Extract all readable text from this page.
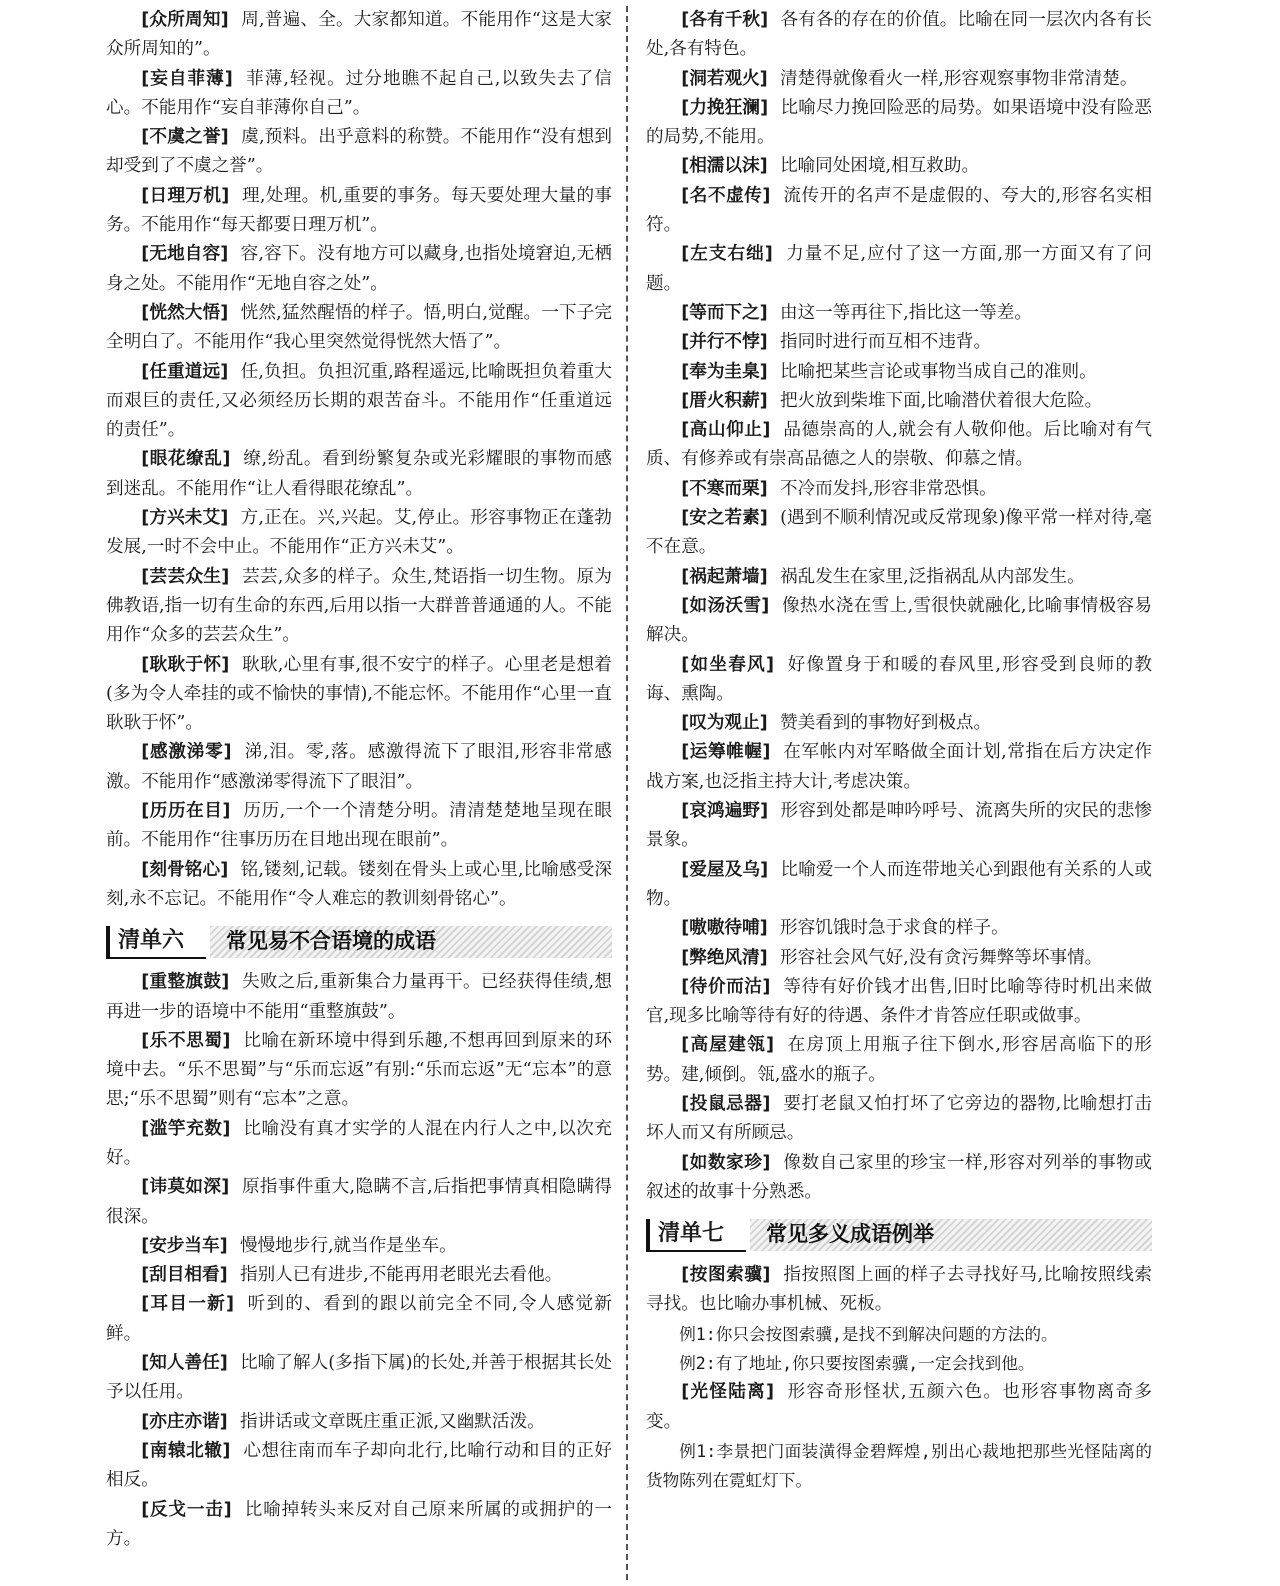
[众所周知] 周,普遍、全。大家都知道。不能用作“这是大家众所周知的”。

[妄自菲薄] 菲薄,轻视。过分地瞧不起自己,以致失去了信心。不能用作“妄自菲薄你自己”。

[不虞之誉] 虞,预料。出乎意料的称赞。不能用作“没有想到却受到了不虞之誉”。

[日理万机] 理,处理。机,重要的事务。每天要处理大量的事务。不能用作“每天都要日理万机”。

[无地自容] 容,容下。没有地方可以藏身,也指处境窘迫,无栖身之处。不能用作“无地自容之处”。

[恍然大悟] 恍然,猛然醒悟的样子。悟,明白,觉醒。一下子完全明白了。不能用作“我心里突然觉得恍然大悟了”。

[任重道远] 任,负担。负担沉重,路程遥远,比喻既担负着重大而艰巨的责任,又必须经历长期的艰苦奋斗。不能用作“任重道远的责任”。

[眼花缭乱] 缭,纷乱。看到纷繁复杂或光彩耀眼的事物而感到迷乱。不能用作“让人看得眼花缭乱”。

[方兴未艾] 方,正在。兴,兴起。艾,停止。形容事物正在蓬勃发展,一时不会中止。不能用作“正方兴未艾”。

[芸芸众生] 芸芸,众多的样子。众生,梵语指一切生物。原为佛教语,指一切有生命的东西,后用以指一大群普普通通的人。不能用作“众多的芸芸众生”。

[耿耿于怀] 耿耿,心里有事,很不安宁的样子。心里老是想着(多为令人牵挂的或不愉快的事情),不能忘怀。不能用作“心里一直耿耿于怀”。

[感激涕零] 涕,泪。零,落。感激得流下了眼泪,形容非常感激。不能用作“感激涕零得流下了眼泪”。

[历历在目] 历历,一个一个清楚分明。清清楚楚地呈现在眼前。不能用作“往事历历在目地出现在眼前”。

[刻骨铭心] 铭,镂刻,记载。镂刻在骨头上或心里,比喻感受深刻,永不忘记。不能用作“令人难忘的教训刻骨铭心”。

清单六 常见易不合语境的成语

[重整旗鼓] 失败之后,重新集合力量再干。已经获得佳绩,想再进一步的语境中不能用“重整旗鼓”。

[乐不思蜀] 比喻在新环境中得到乐趣,不想再回到原来的环境中去。“乐不思蜀”与“乐而忘返”有别:“乐而忘返”无“忘本”的意思;“乐不思蜀”则有“忘本”之意。

[滥竽充数] 比喻没有真才实学的人混在内行人之中,以次充好。

[讳莫如深] 原指事件重大,隐瞒不言,后指把事情真相隐瞒得很深。

[安步当车] 慢慢地步行,就当作是坐车。

[刮目相看] 指别人已有进步,不能再用老眼光去看他。

[耳目一新] 听到的、看到的跟以前完全不同,令人感觉新鲜。

[知人善任] 比喻了解人(多指下属)的长处,并善于根据其长处予以任用。

[亦庄亦谐] 指讲话或文章既庄重正派,又幽默活泼。

[南辕北辙] 心想往南而车子却向北行,比喻行动和目的正好相反。

[反戈一击] 比喻掉转头来反对自己原来所属的或拥护的一方。

[各有千秋] 各有各的存在的价值。比喻在同一层次内各有长处,各有特色。

[洞若观火] 清楚得就像看火一样,形容观察事物非常清楚。

[力挽狂澜] 比喻尽力挽回险恶的局势。如果语境中没有险恶的局势,不能用。

[相濡以沫] 比喻同处困境,相互救助。

[名不虚传] 流传开的名声不是虚假的、夸大的,形容名实相符。

[左支右绌] 力量不足,应付了这一方面,那一方面又有了问题。

[等而下之] 由这一等再往下,指比这一等差。

[并行不悖] 指同时进行而互相不违背。

[奉为圭臬] 比喻把某些言论或事物当成自己的准则。

[厝火积薪] 把火放到柴堆下面,比喻潜伏着很大危险。

[高山仰止] 品德崇高的人,就会有人敬仰他。后比喻对有气质、有修养或有崇高品德之人的崇敬、仰慕之情。

[不寒而栗] 不冷而发抖,形容非常恐惧。

[安之若素] (遇到不顺利情况或反常现象)像平常一样对待,毫不在意。

[祸起萧墙] 祸乱发生在家里,泛指祸乱从内部发生。

[如汤沃雪] 像热水浇在雪上,雪很快就融化,比喻事情极容易解决。

[如坐春风] 好像置身于和暖的春风里,形容受到良师的教诲、熏陶。

[叹为观止] 赞美看到的事物好到极点。

[运筹帷幄] 在军帐内对军略做全面计划,常指在后方决定作战方案,也泛指主持大计,考虑决策。

[哀鸿遍野] 形容到处都是呻吟呼号、流离失所的灾民的悲惨景象。

[爱屋及乌] 比喻爱一个人而连带地关心到跟他有关系的人或物。

[嗷嗷待哺] 形容饥饿时急于求食的样子。

[弊绝风清] 形容社会风气好,没有贪污舞弊等坏事情。

[待价而沽] 等待有好价钱才出售,旧时比喻等待时机出来做官,现多比喻等待有好的待遇、条件才肯答应任职或做事。

[高屋建瓴] 在房顶上用瓶子往下倒水,形容居高临下的形势。建,倾倒。瓴,盛水的瓶子。

[投鼠忌器] 要打老鼠又怕打坏了它旁边的器物,比喻想打击坏人而又有所顾忌。

[如数家珍] 像数自己家里的珍宝一样,形容对列举的事物或叙述的故事十分熟悉。

清单七 常见多义成语例举

[按图索骥] 指按照图上画的样子去寻找好马,比喻按照线索寻找。也比喻办事机械、死板。

例1:你只会按图索骥,是找不到解决问题的方法的。

例2:有了地址,你只要按图索骥,一定会找到他。

[光怪陆离] 形容奇形怪状,五颜六色。也形容事物离奇多变。

例1:李景把门面装潢得金碧辉煌,别出心裁地把那些光怪陆离的货物陈列在霓虹灯下。
